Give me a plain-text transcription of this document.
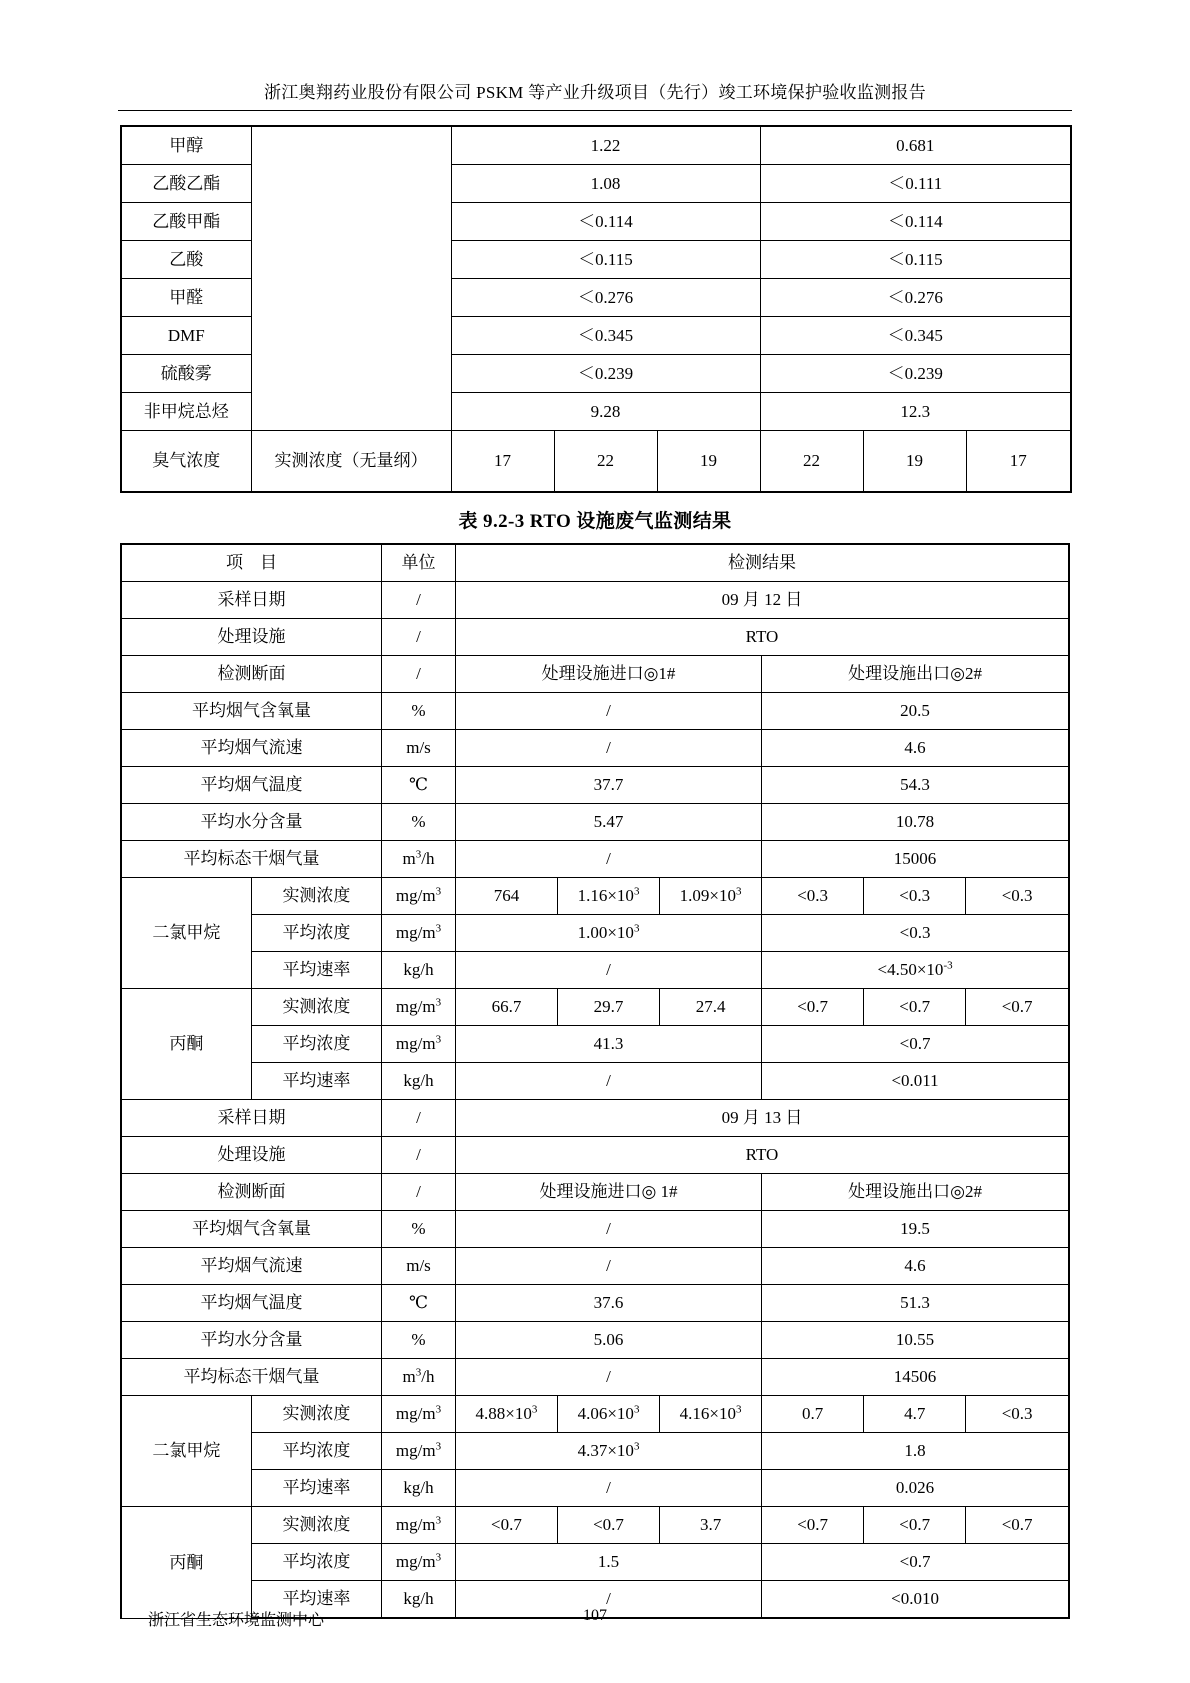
浙江奥翔药业股份有限公司 PSKM 等产业升级项目（先行）竣工环境保护验收监测报告
甲醇		1.22			0.681		
乙酸乙酯		1.08			＜0.111		
乙酸甲酯		＜0.114			＜0.114		
乙酸		＜0.115			＜0.115		
甲醛		＜0.276			＜0.276		
DMF		＜0.345			＜0.345		
硫酸雾		＜0.239			＜0.239		
非甲烷总烃		9.28			12.3		
臭气浓度	实测浓度（无量纲）	17	22	19	22	19	17
表 9.2-3 RTO 设施废气监测结果
项　目		单位	检测结果					
采样日期		/	09 月 12 日					
处理设施		/	RTO					
检测断面		/	处理设施进口◎1#			处理设施出口◎2#		
平均烟气含氧量		%	/			20.5		
平均烟气流速		m/s	/			4.6		
平均烟气温度		℃	37.7			54.3		
平均水分含量		%	5.47			10.78		
平均标态干烟气量		$m^3/h$	/			15006		
二氯甲烷	实测浓度	$mg/m^3$	764	$1.16\times 10^3$	$1.09\times 10^3$	<0.3	<0.3	<0.3
	平均浓度	$mg/m^3$	$1.00\times 10^3$			<0.3		
	平均速率	kg/h	/			$<4.50\times 10^{-3}$
丙酮	实测浓度	$mg/m^3$	66.7	29.7	27.4	<0.7	<0.7	<0.7
	平均浓度	$mg/m^3$	41.3			<0.7		
	平均速率	kg/h	/			<0.011		
采样日期		/	09 月 13 日					
处理设施		/	RTO					
检测断面		/	处理设施进口◎ 1#			处理设施出口◎2#		
平均烟气含氧量		%	/			19.5		
平均烟气流速		m/s	/			4.6		
平均烟气温度		℃	37.6			51.3		
平均水分含量		%	5.06			10.55		
平均标态干烟气量		$m^3/h$	/			14506		
二氯甲烷	实测浓度	$mg/m^3$	$4.88\times 10^3$	$4.06\times 10^3$	$4.16\times 10^3$	0.7	4.7	<0.3
	平均浓度	$mg/m^3$	$4.37\times 10^3$			1.8		
	平均速率	kg/h	/			0.026		
丙酮	实测浓度	$mg/m^3$	<0.7	<0.7	3.7	<0.7	<0.7	<0.7
	平均浓度	$mg/m^3$	1.5			<0.7		
	平均速率	kg/h	/			<0.010		
浙江省生态环境监测中心	107
